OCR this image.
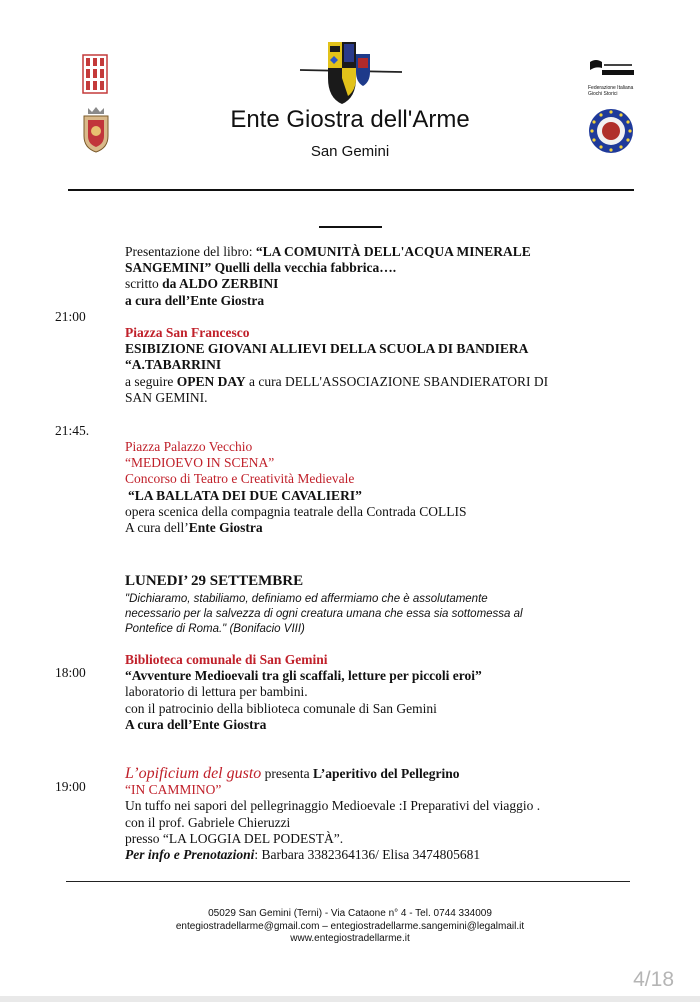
Federazione Italiana
Giochi Storici
Ente Giostra dell'Arme
San Gemini
Presentazione del libro: “LA COMUNITÀ DELL'ACQUA MINERALE
SANGEMINI” Quelli della vecchia fabbrica….
scritto da ALDO ZERBINI
a cura dell’Ente Giostra
21:00
Piazza San Francesco
ESIBIZIONE GIOVANI ALLIEVI DELLA SCUOLA DI BANDIERA
“A.TABARRINI
a seguire OPEN DAY a cura DELL'ASSOCIAZIONE SBANDIERATORI DI
SAN GEMINI.
21:45.
Piazza Palazzo Vecchio
“MEDIOEVO IN SCENA”
Concorso di Teatro e Creatività Medievale
“LA BALLATA DEI DUE CAVALIERI”
opera scenica della compagnia teatrale della Contrada COLLIS
A cura dell’Ente Giostra
LUNEDI’ 29 SETTEMBRE
"Dichiaramo, stabiliamo, definiamo ed affermiamo che è assolutamente
necessario per la salvezza di ogni creatura umana che essa sia sottomessa al
Pontefice di Roma." (Bonifacio VIII)
18:00
Biblioteca comunale di San Gemini
“Avventure Medioevali tra gli scaffali, letture per piccoli eroi”
laboratorio di lettura per bambini.
con il patrocinio della biblioteca comunale di San Gemini
A cura dell’Ente Giostra
19:00
L’opificium del gusto presenta L’aperitivo del Pellegrino
“IN CAMMINO”
Un tuffo nei sapori del pellegrinaggio Medioevale :I Preparativi del viaggio .
con il prof. Gabriele Chieruzzi
presso “LA LOGGIA DEL PODESTÀ”.
Per info e Prenotazioni: Barbara 3382364136/ Elisa 3474805681
05029 San Gemini (Terni) - Via Cataone n° 4 - Tel. 0744 334009
entegiostradellarme@gmail.com – entegiostradellarme.sangemini@legalmail.it
www.entegiostradellarme.it
4/18
